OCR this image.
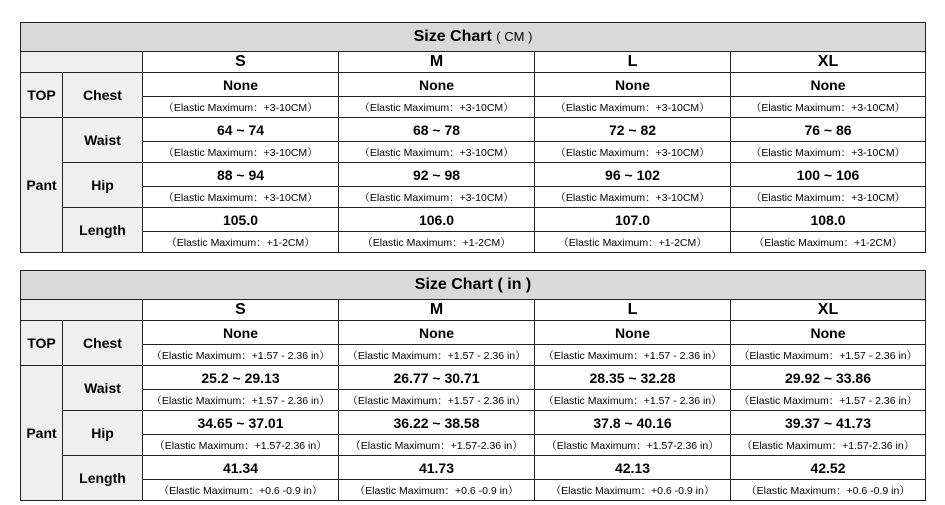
Size Chart ( CM )					
		S	M	L	XL
TOP	Chest	None	None	None	None
		（Elastic Maximum：+3-10CM）	（Elastic Maximum：+3-10CM）	（Elastic Maximum：+3-10CM）	（Elastic Maximum：+3-10CM）
Pant	Waist	64 ~ 74	68 ~ 78	72 ~ 82	76 ~ 86
		（Elastic Maximum：+3-10CM）	（Elastic Maximum：+3-10CM）	（Elastic Maximum：+3-10CM）	（Elastic Maximum：+3-10CM）
	Hip	88 ~ 94	92 ~ 98	96 ~ 102	100 ~ 106
		（Elastic Maximum：+3-10CM）	（Elastic Maximum：+3-10CM）	（Elastic Maximum：+3-10CM）	（Elastic Maximum：+3-10CM）
	Length	105.0	106.0	107.0	108.0
		（Elastic Maximum：+1-2CM）	（Elastic Maximum：+1-2CM）	（Elastic Maximum：+1-2CM）	（Elastic Maximum：+1-2CM）
Size Chart ( in )					
		S	M	L	XL
TOP	Chest	None	None	None	None
		（Elastic Maximum：+1.57 - 2.36 in）	（Elastic Maximum：+1.57 - 2.36 in）	（Elastic Maximum：+1.57 - 2.36 in）	（Elastic Maximum：+1.57 - 2.36 in）
Pant	Waist	25.2 ~ 29.13	26.77 ~ 30.71	28.35 ~ 32.28	29.92 ~ 33.86
		（Elastic Maximum：+1.57 - 2.36 in）	（Elastic Maximum：+1.57 - 2.36 in）	（Elastic Maximum：+1.57 - 2.36 in）	（Elastic Maximum：+1.57 - 2.36 in）
	Hip	34.65 ~ 37.01	36.22 ~ 38.58	37.8 ~ 40.16	39.37 ~ 41.73
		（Elastic Maximum：+1.57-2.36 in）	（Elastic Maximum：+1.57-2.36 in）	（Elastic Maximum：+1.57-2.36 in）	（Elastic Maximum：+1.57-2.36 in）
	Length	41.34	41.73	42.13	42.52
		（Elastic Maximum：+0.6 -0.9 in）	（Elastic Maximum：+0.6 -0.9 in）	（Elastic Maximum：+0.6 -0.9 in）	（Elastic Maximum：+0.6 -0.9 in）
